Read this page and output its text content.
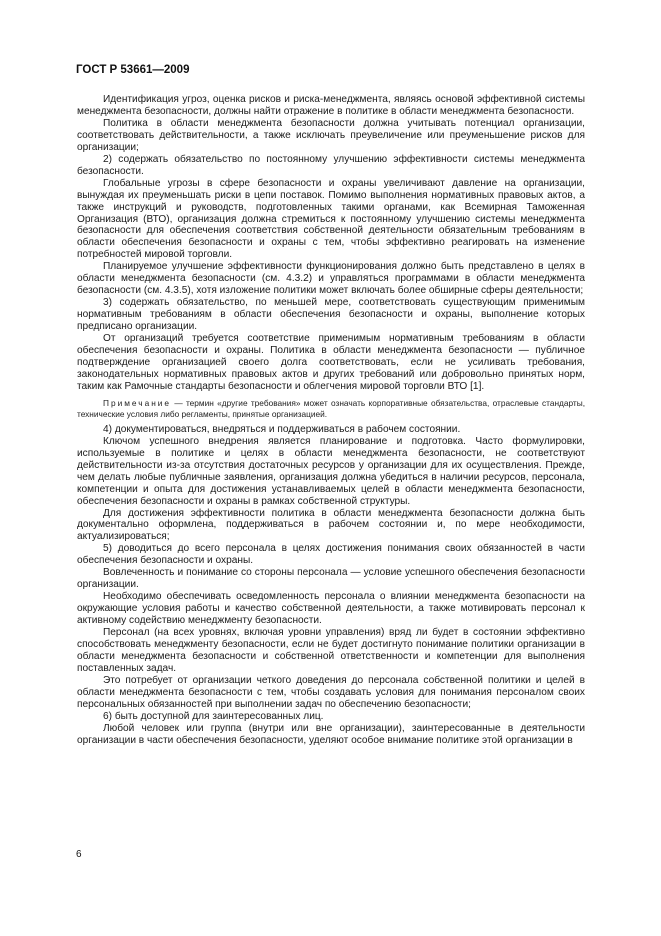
ГОСТ Р 53661—2009

Идентификация угроз, оценка рисков и риска-менеджмента, являясь основой эффективной системы менеджмента безопасности, должны найти отражение в политике в области менеджмента безопасности.

Политика в области менеджмента безопасности должна учитывать потенциал организации, соответствовать действительности, а также исключать преувеличение или преуменьшение рисков для организации;

2) содержать обязательство по постоянному улучшению эффективности системы менеджмента безопасности.

Глобальные угрозы в сфере безопасности и охраны увеличивают давление на организации, вынуждая их преуменьшать риски в цепи поставок. Помимо выполнения нормативных правовых актов, а также инструкций и руководств, подготовленных такими органами, как Всемирная Таможенная Организация (ВТО), организация должна стремиться к постоянному улучшению системы менеджмента безопасности для обеспечения соответствия собственной деятельности обязательным требованиям в области обеспечения безопасности и охраны с тем, чтобы эффективно реагировать на изменение потребностей мировой торговли.

Планируемое улучшение эффективности функционирования должно быть представлено в целях в области менеджмента безопасности (см. 4.3.2) и управляться программами в области менеджмента безопасности (см. 4.3.5), хотя изложение политики может включать более обширные сферы деятельности;

3) содержать обязательство, по меньшей мере, соответствовать существующим применимым нормативным требованиям в области обеспечения безопасности и охраны, выполнение которых предписано организации.

От организаций требуется соответствие применимым нормативным требованиям в области обеспечения безопасности и охраны. Политика в области менеджмента безопасности — публичное подтверждение организацией своего долга соответствовать, если не усиливать требования, законодательных нормативных правовых актов и других требований или добровольно принятых норм, таким как Рамочные стандарты безопасности и облегчения мировой торговли ВТО [1].

Примечание — термин «другие требования» может означать корпоративные обязательства, отраслевые стандарты, технические условия либо регламенты, принятые организацией.

4) документироваться, внедряться и поддерживаться в рабочем состоянии.

Ключом успешного внедрения является планирование и подготовка. Часто формулировки, используемые в политике и целях в области менеджмента безопасности, не соответствуют действительности из-за отсутствия достаточных ресурсов у организации для их осуществления. Прежде, чем делать любые публичные заявления, организация должна убедиться в наличии ресурсов, персонала, компетенции и опыта для достижения устанавливаемых целей в области менеджмента безопасности, обеспечения безопасности и охраны в рамках собственной структуры.

Для достижения эффективности политика в области менеджмента безопасности должна быть документально оформлена, поддерживаться в рабочем состоянии и, по мере необходимости, актуализироваться;

5) доводиться до всего персонала в целях достижения понимания своих обязанностей в части обеспечения безопасности и охраны.

Вовлеченность и понимание со стороны персонала — условие успешного обеспечения безопасности организации.

Необходимо обеспечивать осведомленность персонала о влиянии менеджмента безопасности на окружающие условия работы и качество собственной деятельности, а также мотивировать персонал к активному содействию менеджменту безопасности.

Персонал (на всех уровнях, включая уровни управления) вряд ли будет в состоянии эффективно способствовать менеджменту безопасности, если не будет достигнуто понимание политики организации в области менеджмента безопасности и собственной ответственности и компетенции для выполнения поставленных задач.

Это потребует от организации четкого доведения до персонала собственной политики и целей в области менеджмента безопасности с тем, чтобы создавать условия для понимания персоналом своих персональных обязанностей при выполнении задач по обеспечению безопасности;

6) быть доступной для заинтересованных лиц.

Любой человек или группа (внутри или вне организации), заинтересованные в деятельности организации в части обеспечения безопасности, уделяют особое внимание политике этой организации в

6
